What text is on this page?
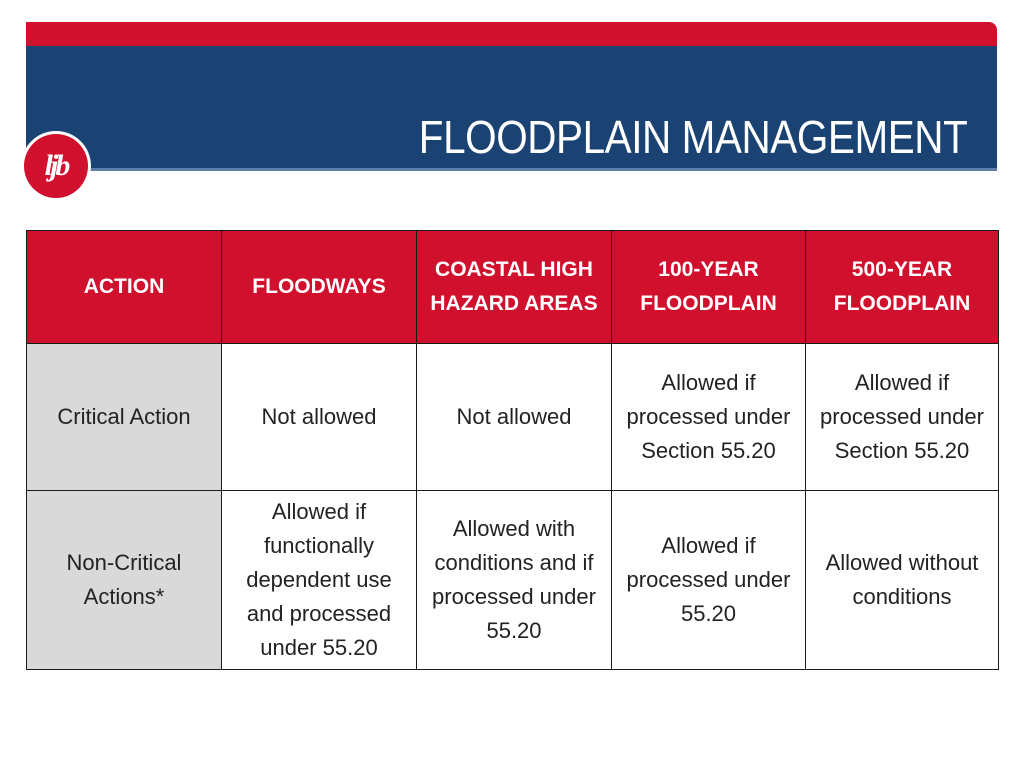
FLOODPLAIN MANAGEMENT
ljb
ACTION	FLOODWAYS	COASTAL HIGH HAZARD AREAS	100-YEAR FLOODPLAIN	500-YEAR FLOODPLAIN
Critical Action	Not allowed	Not allowed	Allowed if processed under Section 55.20	Allowed if processed under Section 55.20
Non-Critical Actions*	Allowed if functionally dependent use and processed under 55.20	Allowed with conditions and if processed under 55.20	Allowed if processed under 55.20	Allowed without conditions
